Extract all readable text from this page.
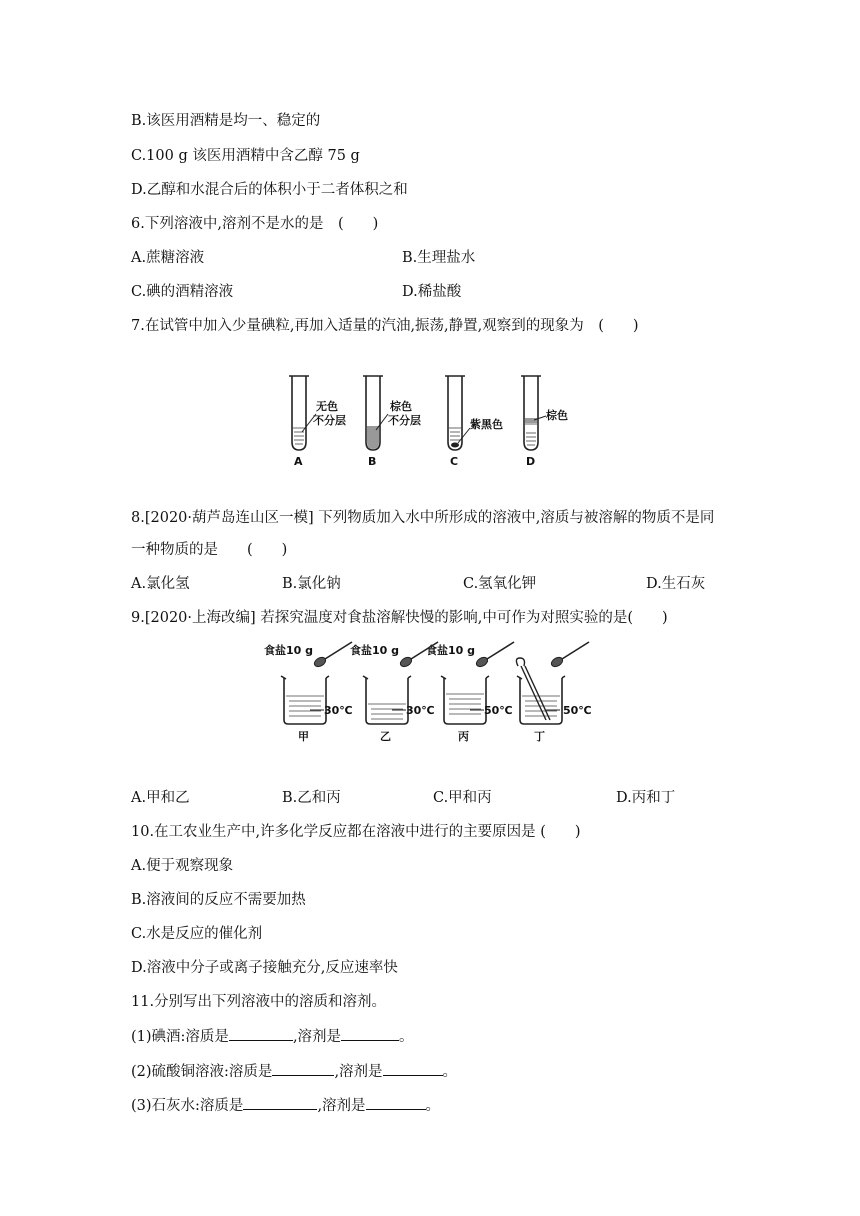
B.该医用酒精是均一、稳定的
C.100 g 该医用酒精中含乙醇 75 g
D.乙醇和水混合后的体积小于二者体积之和
6.下列溶液中,溶剂不是水的是　(　　)
A.蔗糖溶液	B.生理盐水
C.碘的酒精溶液	D.稀盐酸
7.在试管中加入少量碘粒,再加入适量的汽油,振荡,静置,观察到的现象为　(　　)
无色
不分层
棕色
不分层	紫黑色
棕色
A	B	C	D
8.[2020·葫芦岛连山区一模] 下列物质加入水中所形成的溶液中,溶质与被溶解的物质不是同
一种物质的是　　(　　)
A.氯化氢	B.氯化钠	C.氢氧化钾	D.生石灰
9.[2020·上海改编] 若探究温度对食盐溶解快慢的影响,中可作为对照实验的是(　　)
食盐10 g	食盐10 g 食盐10 g
30℃	30℃	50℃	50℃
甲	乙	丙	丁
A.甲和乙	B.乙和丙	C.甲和丙	D.丙和丁
10.在工农业生产中,许多化学反应都在溶液中进行的主要原因是 (　　)
A.便于观察现象
B.溶液间的反应不需要加热
C.水是反应的催化剂
D.溶液中分子或离子接触充分,反应速率快
11.分别写出下列溶液中的溶质和溶剂。
(1)碘酒:溶质是	,溶剂是	。
(2)硫酸铜溶液:溶质是	,溶剂是	。
(3)石灰水:溶质是	,溶剂是	。
